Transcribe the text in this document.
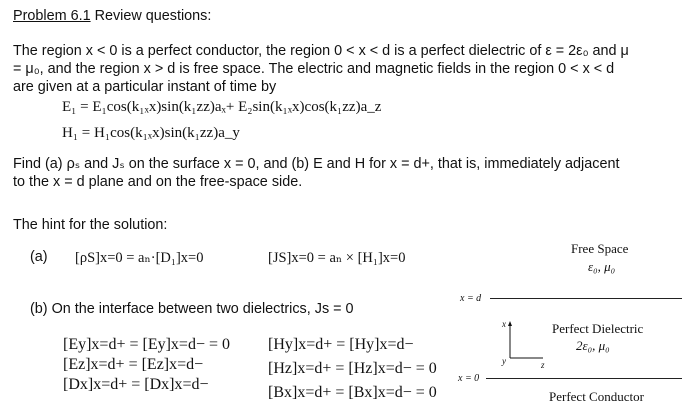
Problem 6.1 Review questions:
The region x < 0 is a perfect conductor, the region 0 < x < d is a perfect dielectric of ε = 2ε₀ and μ
= μ₀, and the region x > d is free space. The electric and magnetic fields in the region 0 < x < d
are given at a particular instant of time by
E₁ = E₁cos(k₁ₓx)sin(k₁zz)aₓ+ E₂sin(k₁ₓx)cos(k₁zz)a_z
H₁ = H₁cos(k₁ₓx)sin(k₁zz)a_y
Find (a) ρₛ and Jₛ on the surface x = 0, and (b) E and H for x = d+, that is, immediately adjacent
to the x = d plane and on the free-space side.
The hint for the solution:
(a) [ρS]x=0 = aₙ·[D₁]x=0	[JS]x=0 = aₙ × [H₁]x=0
(b) On the interface between two dielectrics, Js = 0
[Ey]x=d+ = [Ey]x=d− = 0
[Ez]x=d+ = [Ez]x=d−
[Dx]x=d+ = [Dx]x=d−
[Hy]x=d+ = [Hy]x=d−
[Hz]x=d+ = [Hz]x=d− = 0
[Bx]x=d+ = [Bx]x=d− = 0
Free Space
ε₀, μ₀
x = d
Perfect Dielectric
2ε₀, μ₀
x = 0
Perfect Conductor
x
y	z
